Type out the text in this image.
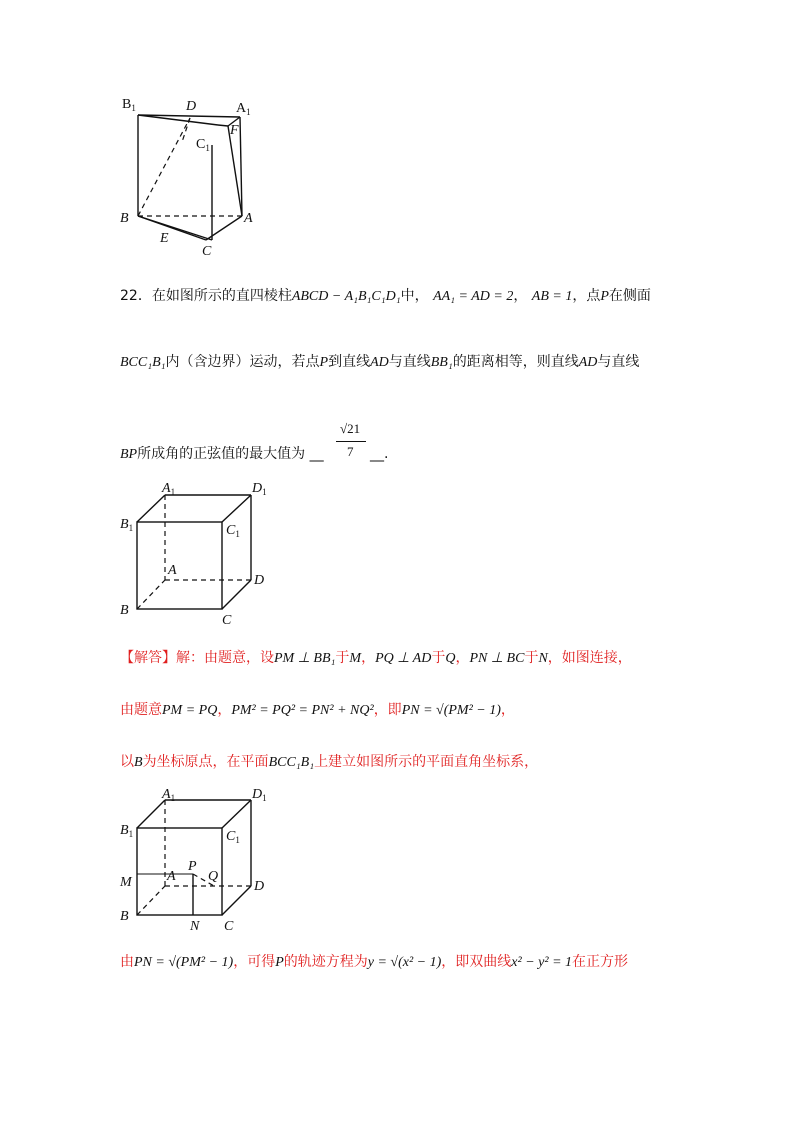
$B_1$	D	$A_1$
F
$C_1$
B	A
E
C
22．在如图所示的直四棱柱ABCD − A₁B₁C₁D₁中， AA₁ = AD = 2， AB = 1，点P在侧面
BCC₁B₁内（含边界）运动，若点P到直线AD与直线BB₁的距离相等，则直线AD与直线
BP所成角的正弦值的最大值为 __
√21
7 __.
$A_1$	$D_1$
$B_1$	$C_1$
A
D
B
C
【解答】解：由题意，设PM ⊥ BB₁于M，PQ ⊥ AD于Q，PN ⊥ BC于N，如图连接，
由题意PM = PQ，PM² = PQ² = PN² + NQ²，即PN = √(PM² − 1)，
以B为坐标原点，在平面BCC₁B₁上建立如图所示的平面直角坐标系，
$A_1$	$D_1$
$B_1$	$C_1$
M	A
P
Q
D
B
N C
由PN = √(PM² − 1)，可得P的轨迹方程为y = √(x² − 1)，即双曲线x² − y² = 1在正方形
